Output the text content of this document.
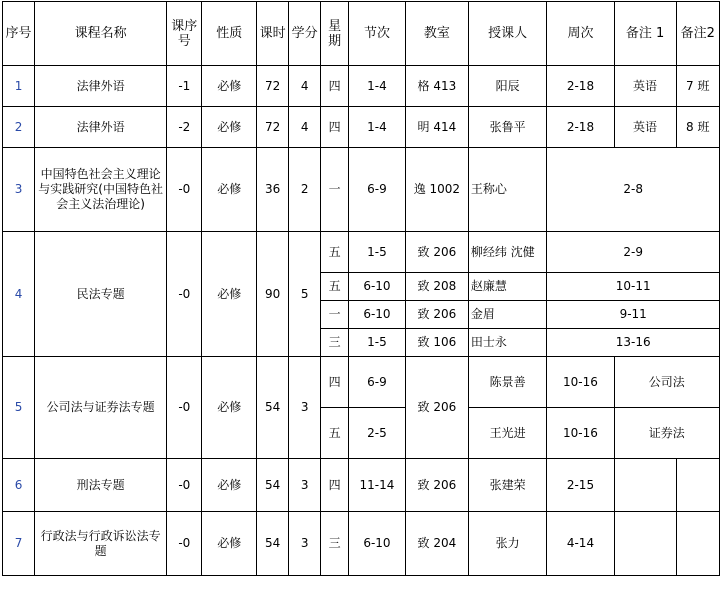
序号	课程名称	课序号	性质	课时	学分	星期	节次	教室	授课人	周次	备注 1	备注2
1	法律外语	-1	必修	72	4	四	1-4	格 413	阳辰	2-18	英语	7 班
2	法律外语	-2	必修	72	4	四	1-4	明 414	张鲁平	2-18	英语	8 班
3	中国特色社会主义理论与实践研究(中国特色社会主义法治理论)	-0	必修	36	2	一	6-9	逸 1002	王称心	2-8		
4	民法专题	-0	必修	90	5	五	1-5	致 206	柳经纬 沈健	2-9		
						五	6-10	致 208	赵廉慧	10-11		
						一	6-10	致 206	金眉	9-11		
						三	1-5	致 106	田士永	13-16		
5	公司法与证券法专题	-0	必修	54	3	四	6-9	致 206	陈景善	10-16	公司法	
						五	2-5		王光进	10-16	证券法	
6	刑法专题	-0	必修	54	3	四	11-14	致 206	张建荣	2-15		
7	行政法与行政诉讼法专题	-0	必修	54	3	三	6-10	致 204	张力	4-14		
